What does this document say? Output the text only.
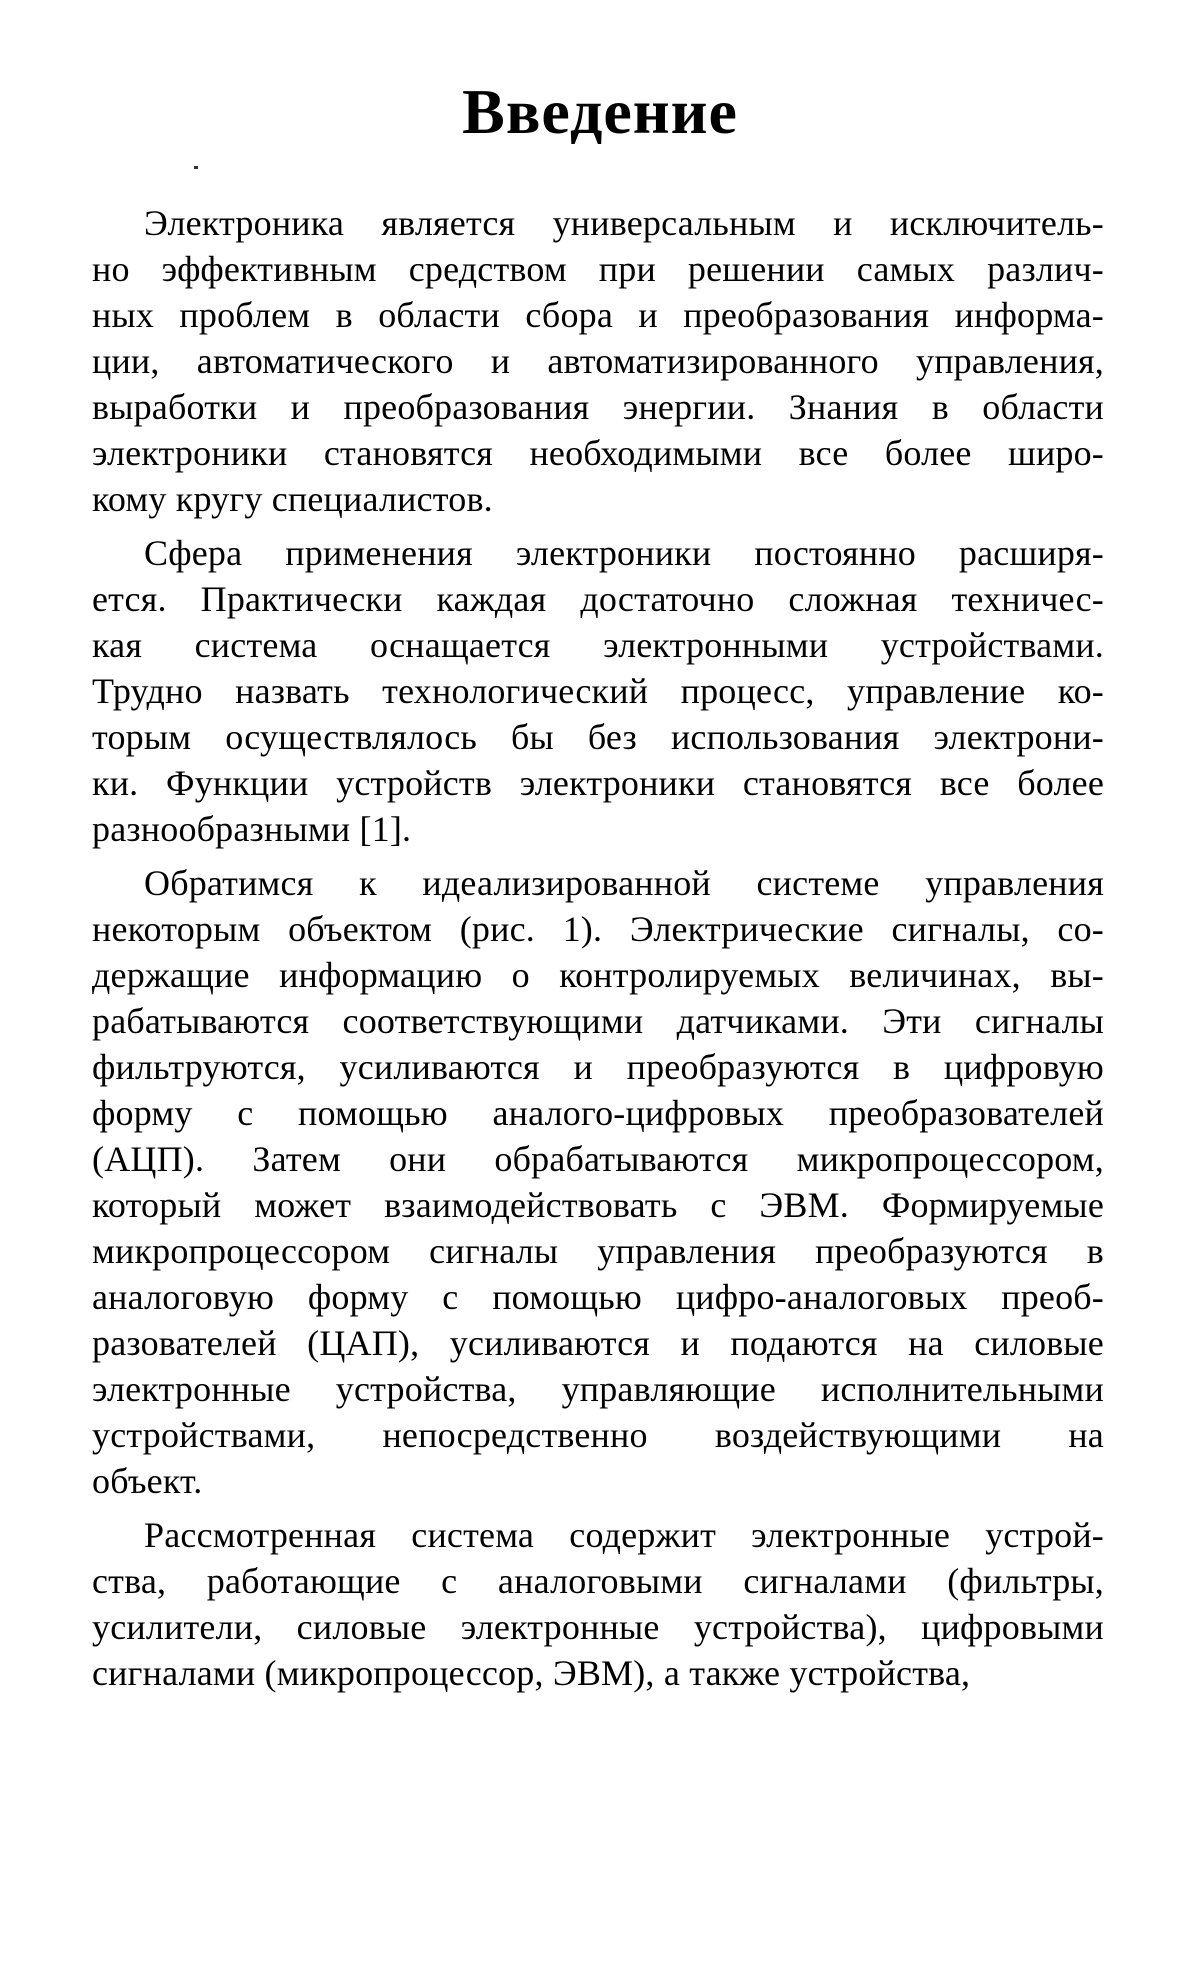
Введение
Электроника является универсальным и исключитель-
но эффективным средством при решении самых различ-
ных проблем в области сбора и преобразования информа-
ции, автоматического и автоматизированного управления,
выработки и преобразования энергии. Знания в области
электроники становятся необходимыми все более широ-
кому кругу специалистов.
Сфера применения электроники постоянно расширя-
ется. Практически каждая достаточно сложная техничес-
кая система оснащается электронными устройствами.
Трудно назвать технологический процесс, управление ко-
торым осуществлялось бы без использования электрони-
ки. Функции устройств электроники становятся все более
разнообразными [1].
Обратимся к идеализированной системе управления
некоторым объектом (рис. 1). Электрические сигналы, со-
держащие информацию о контролируемых величинах, вы-
рабатываются соответствующими датчиками. Эти сигналы
фильтруются, усиливаются и преобразуются в цифровую
форму с помощью аналого-цифровых преобразователей
(АЦП). Затем они обрабатываются микропроцессором,
который может взаимодействовать с ЭВМ. Формируемые
микропроцессором сигналы управления преобразуются в
аналоговую форму с помощью цифро-аналоговых преоб-
разователей (ЦАП), усиливаются и подаются на силовые
электронные устройства, управляющие исполнительными
устройствами, непосредственно воздействующими на
объект.
Рассмотренная система содержит электронные устрой-
ства, работающие с аналоговыми сигналами (фильтры,
усилители, силовые электронные устройства), цифровыми
сигналами (микропроцессор, ЭВМ), а также устройства,
